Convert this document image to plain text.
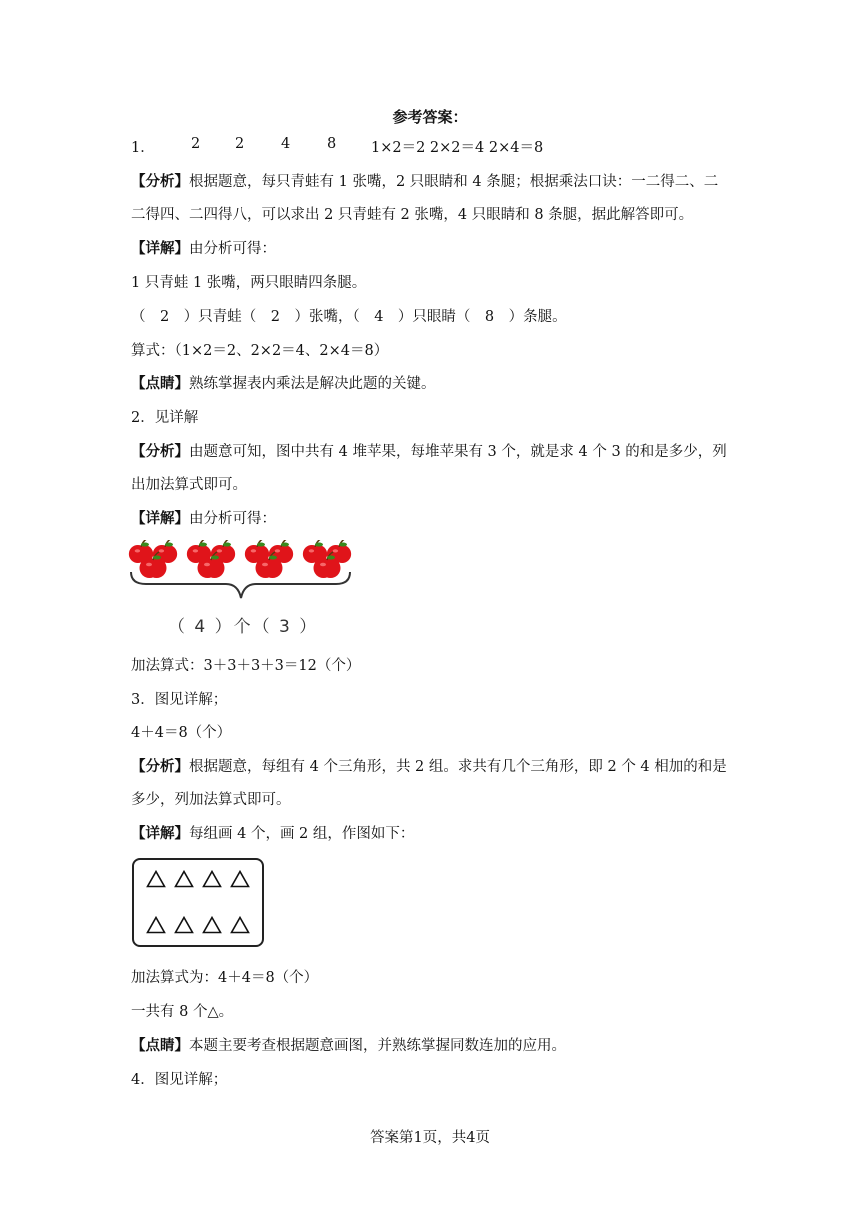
参考答案：
1．	2 2	4	8 1×2＝2 2×2＝4 2×4＝8
【分析】根据题意，每只青蛙有 1 张嘴，2 只眼睛和 4 条腿；根据乘法口诀：一二得二、二
二得四、二四得八，可以求出 2 只青蛙有 2 张嘴，4 只眼睛和 8 条腿，据此解答即可。
【详解】由分析可得：
1 只青蛙 1 张嘴，两只眼睛四条腿。
（　2　）只青蛙（　2　）张嘴，（　4　）只眼睛（　8　）条腿。
算式：（1×2＝2、2×2＝4、2×4＝8）
【点睛】熟练掌握表内乘法是解决此题的关键。
2．见详解
【分析】由题意可知，图中共有 4 堆苹果，每堆苹果有 3 个，就是求 4 个 3 的和是多少，列
出加法算式即可。
【详解】由分析可得：
（ 4 ）个（ 3 ）
加法算式：3＋3＋3＋3＝12（个）
3．图见详解；
4＋4＝8（个）
【分析】根据题意，每组有 4 个三角形，共 2 组。求共有几个三角形，即 2 个 4 相加的和是
多少，列加法算式即可。
【详解】每组画 4 个，画 2 组，作图如下：
加法算式为：4＋4＝8（个）
一共有 8 个△。
【点睛】本题主要考查根据题意画图，并熟练掌握同数连加的应用。
4．图见详解；
答案第1页，共4页
